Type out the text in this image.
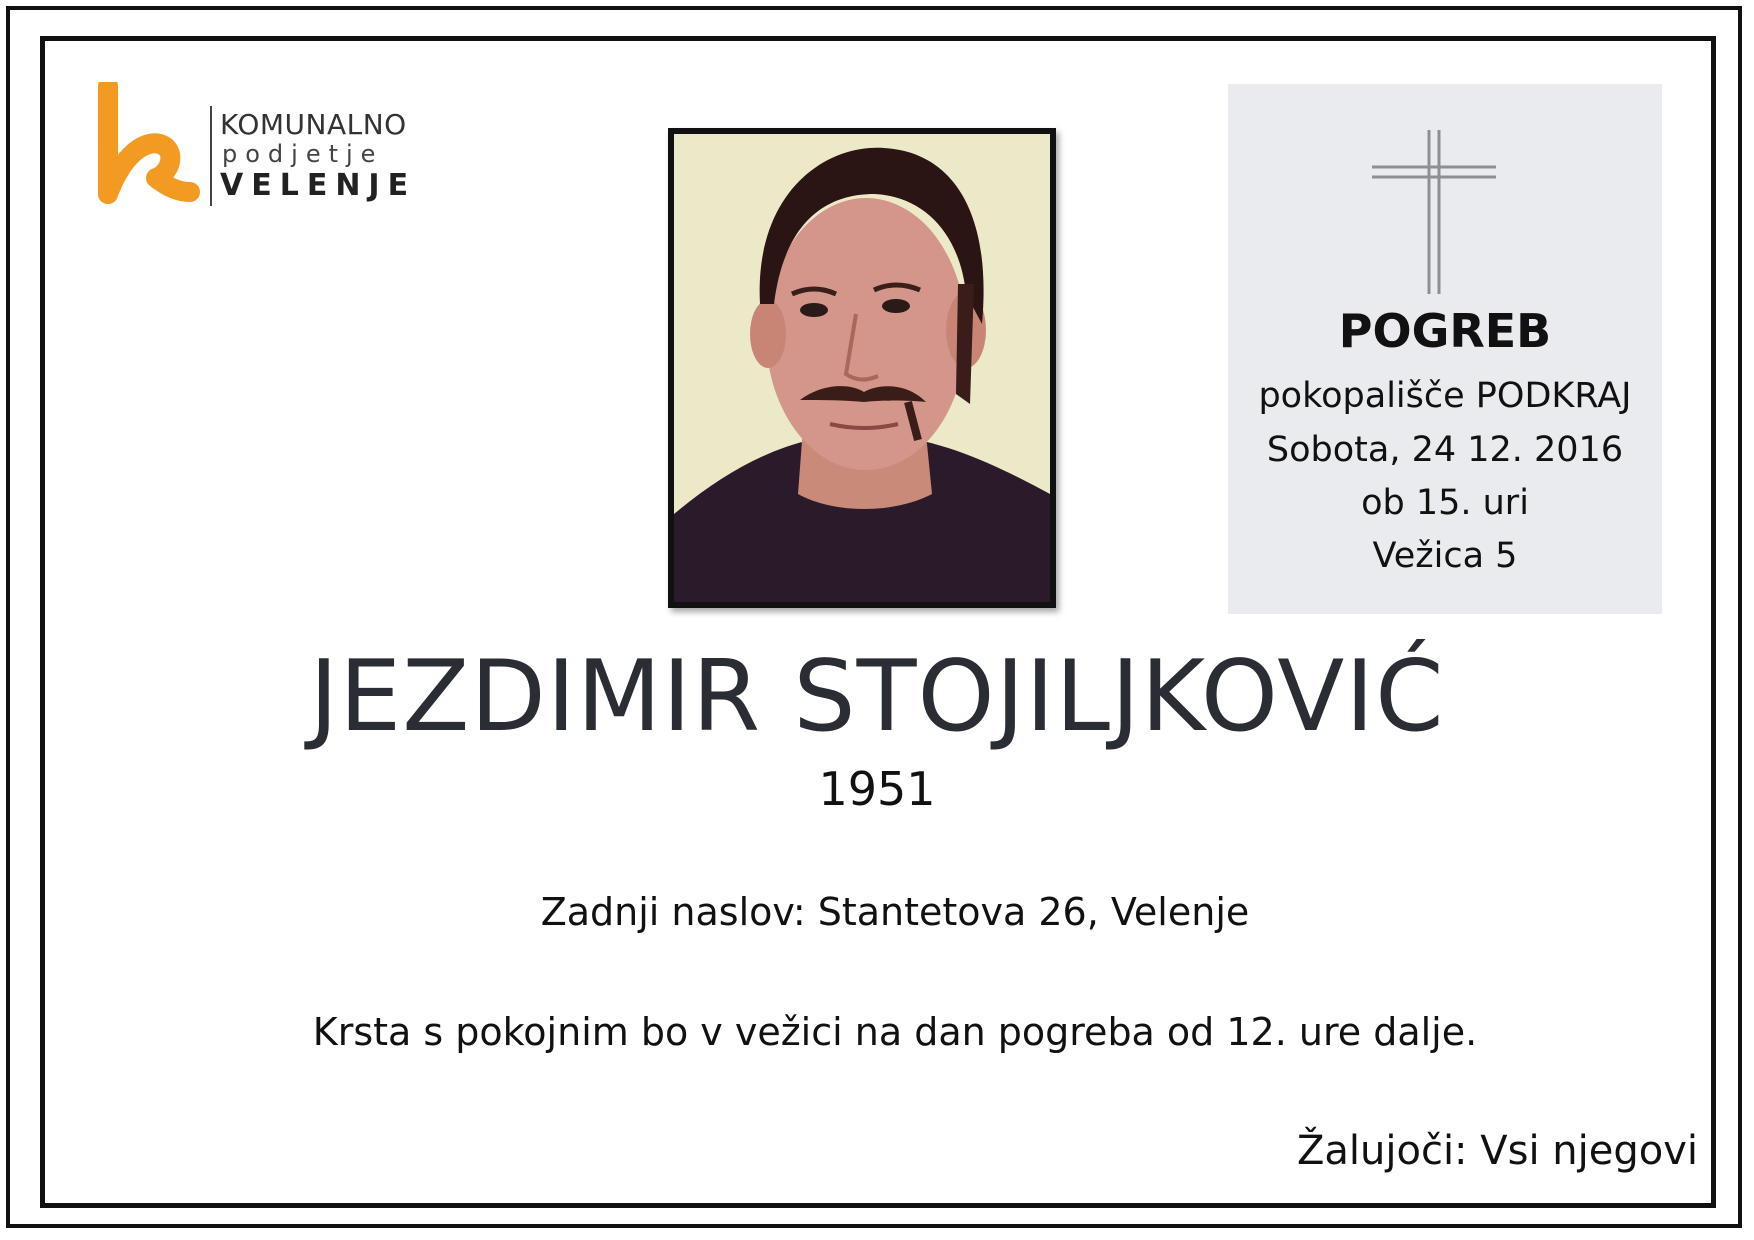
KOMUNALNO
podjetje
VELENJE
POGREB
pokopališče PODKRAJ
Sobota, 24 12. 2016
ob 15. uri
Vežica 5
JEZDIMIR STOJILJKOVIĆ
1951
Zadnji naslov: Stantetova 26, Velenje
Krsta s pokojnim bo v vežici na dan pogreba od 12. ure dalje.
Žalujoči: Vsi njegovi
